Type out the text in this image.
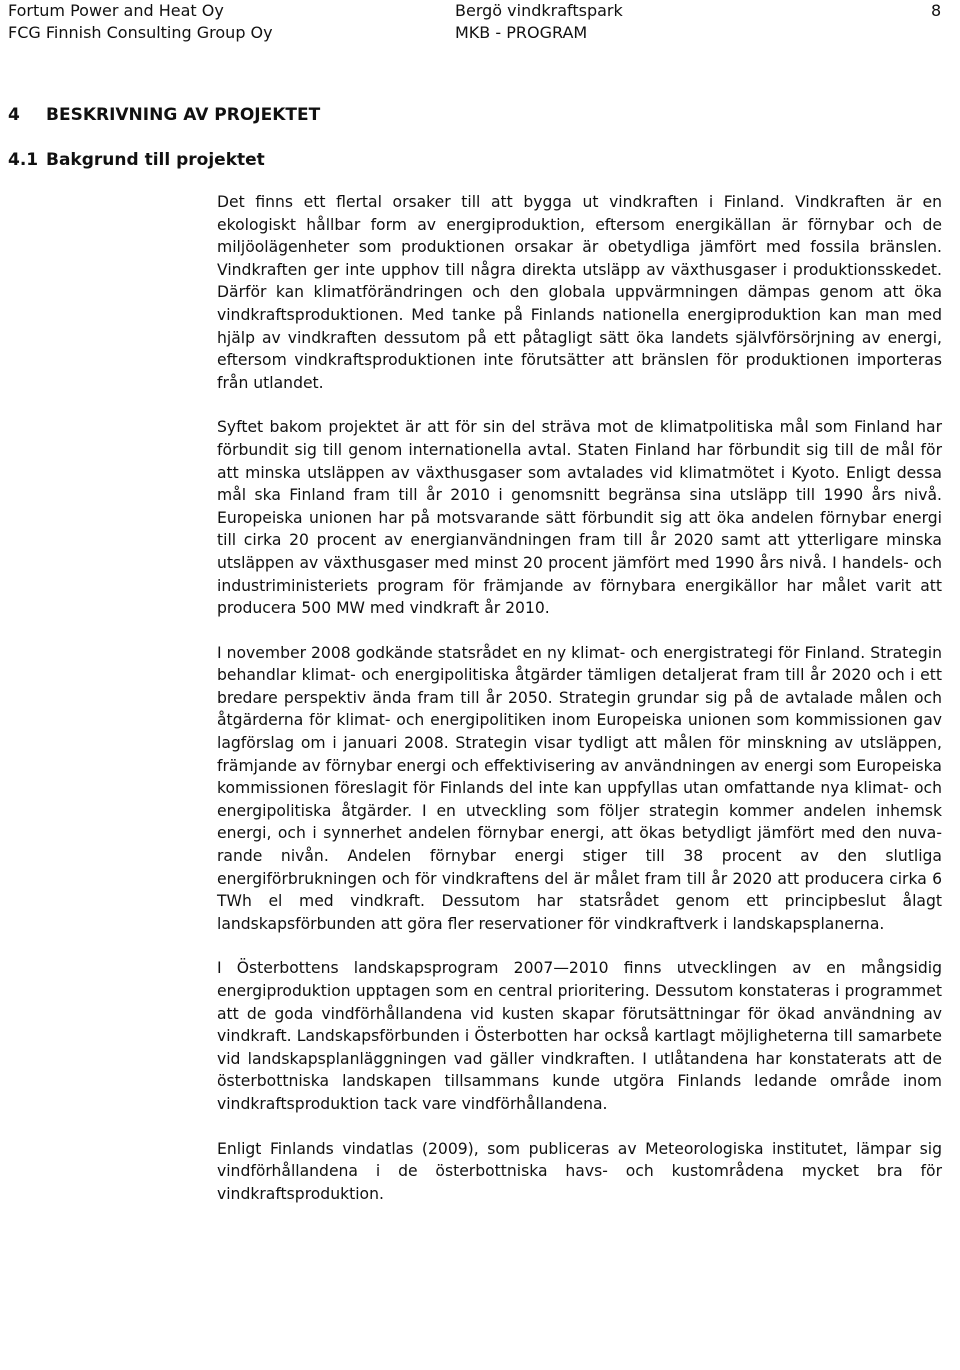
Fortum Power and Heat Oy
FCG Finnish Consulting Group Oy
Bergö vindkraftspark
MKB - PROGRAM
8
4 BESKRIVNING AV PROJEKTET
4.1 Bakgrund till projektet

Det finns ett flertal orsaker till att bygga ut vindkraften i Finland. Vindkraften är en ekologiskt hållbar form av energiproduktion, eftersom energikällan är förnybar och de miljöolägenheter som produktionen orsakar är obetydliga jämfört med fossila bränslen. Vindkraften ger inte upphov till några direkta utsläpp av växthusgaser i produktionsskedet. Därför kan klimatförändringen och den globala uppvärmningen dämpas genom att öka vindkraftsproduktionen. Med tanke på Finlands nationella energiproduktion kan man med hjälp av vindkraften dessutom på ett påtagligt sätt öka landets självförsörjning av energi, eftersom vindkraftsproduktionen inte förutsätter att bränslen för produktionen importeras från utlandet.

Syftet bakom projektet är att för sin del sträva mot de klimatpolitiska mål som Finland har förbundit sig till genom internationella avtal. Staten Finland har förbundit sig till de mål för att minska utsläppen av växthusgaser som avtalades vid klimatmötet i Kyoto. Enligt dessa mål ska Finland fram till år 2010 i genomsnitt begränsa sina utsläpp till 1990 års nivå. Europeiska unionen har på motsvarande sätt förbundit sig att öka andelen förnybar energi till cirka 20 procent av energianvändningen fram till år 2020 samt att ytterligare minska utsläppen av växthusgaser med minst 20 procent jämfört med 1990 års nivå. I handels- och industriministeriets program för främjande av förnybara energikällor har målet varit att producera 500 MW med vindkraft år 2010.

I november 2008 godkände statsrådet en ny klimat- och energistrategi för Finland. Strategin behandlar klimat- och energipolitiska åtgärder tämligen detaljerat fram till år 2020 och i ett bredare perspektiv ända fram till år 2050. Strategin grundar sig på de avtalade målen och åtgärderna för klimat- och energipolitiken inom Europeiska unionen som kommissionen gav lagförslag om i januari 2008. Strategin visar tydligt att målen för minskning av utsläppen, främjande av förnybar energi och effektivisering av användningen av energi som Europeiska kommissionen föreslagit för Finlands del inte kan uppfyllas utan omfattande nya klimat- och energipolitiska åtgärder. I en utveckling som följer strategin kommer andelen inhemsk energi, och i synnerhet andelen förnybar energi, att ökas betydligt jämfört med den nuvarande nivån. Andelen förnybar energi stiger till 38 procent av den slutliga energiförbrukningen och för vindkraftens del är målet fram till år 2020 att producera cirka 6 TWh el med vindkraft. Dessutom har statsrådet genom ett principbeslut ålagt landskapsförbunden att göra fler reservationer för vindkraftverk i landskapsplanerna.

I Österbottens landskapsprogram 2007—2010 finns utvecklingen av en mångsidig energiproduktion upptagen som en central prioritering. Dessutom konstateras i programmet att de goda vindförhållandena vid kusten skapar förutsättningar för ökad användning av vindkraft. Landskapsförbunden i Österbotten har också kartlagt möjligheterna till samarbete vid landskapsplanläggningen vad gäller vindkraften. I utlåtandena har konstaterats att de österbottniska landskapen tillsammans kunde utgöra Finlands ledande område inom vindkraftsproduktion tack vare vindförhållandena.

Enligt Finlands vindatlas (2009), som publiceras av Meteorologiska institutet, lämpar sig vindförhållandena i de österbottniska havs- och kustområdena mycket bra för vindkraftsproduktion.
